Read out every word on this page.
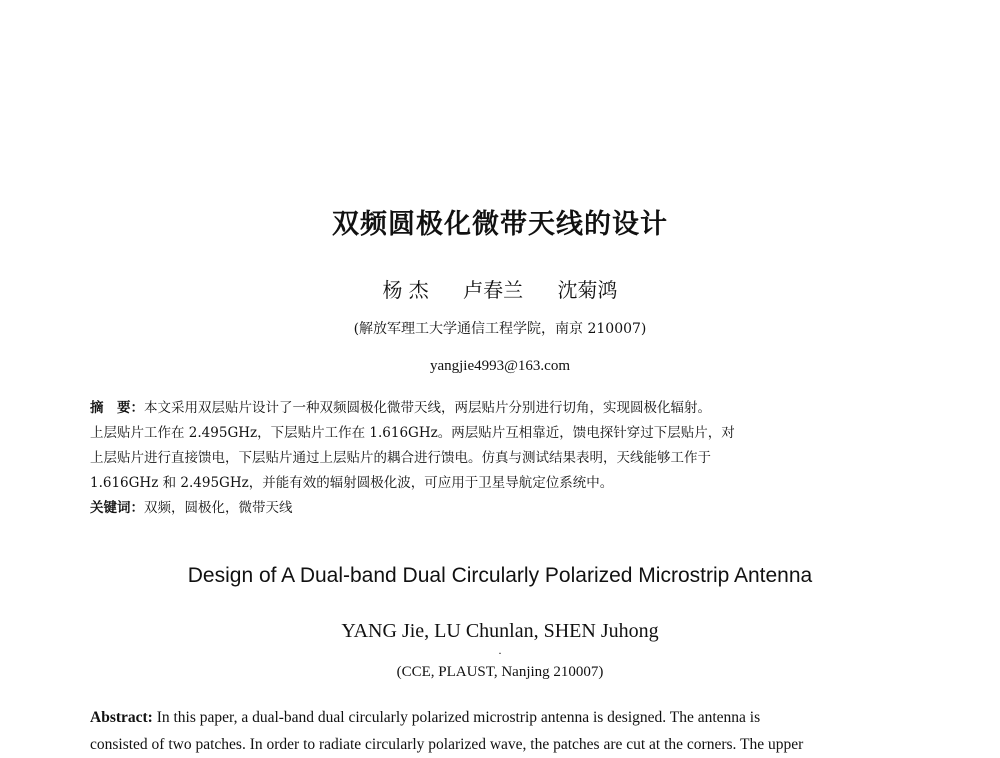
双频圆极化微带天线的设计
杨 杰 卢春兰 沈菊鸿
(解放军理工大学通信工程学院，南京 210007)
yangjie4993@163.com
摘　要：本文采用双层贴片设计了一种双频圆极化微带天线，两层贴片分别进行切角，实现圆极化辐射。
上层贴片工作在 2.495GHz，下层贴片工作在 1.616GHz。两层贴片互相靠近，馈电探针穿过下层贴片，对
上层贴片进行直接馈电，下层贴片通过上层贴片的耦合进行馈电。仿真与测试结果表明，天线能够工作于
1.616GHz 和 2.495GHz，并能有效的辐射圆极化波，可应用于卫星导航定位系统中。
关键词：双频，圆极化，微带天线
Design of A Dual-band Dual Circularly Polarized Microstrip Antenna
YANG Jie, LU Chunlan, SHEN Juhong
·
(CCE, PLAUST, Nanjing 210007)
Abstract: In this paper, a dual-band dual circularly polarized microstrip antenna is designed. The antenna is
consisted of two patches. In order to radiate circularly polarized wave, the patches are cut at the corners. The upper
